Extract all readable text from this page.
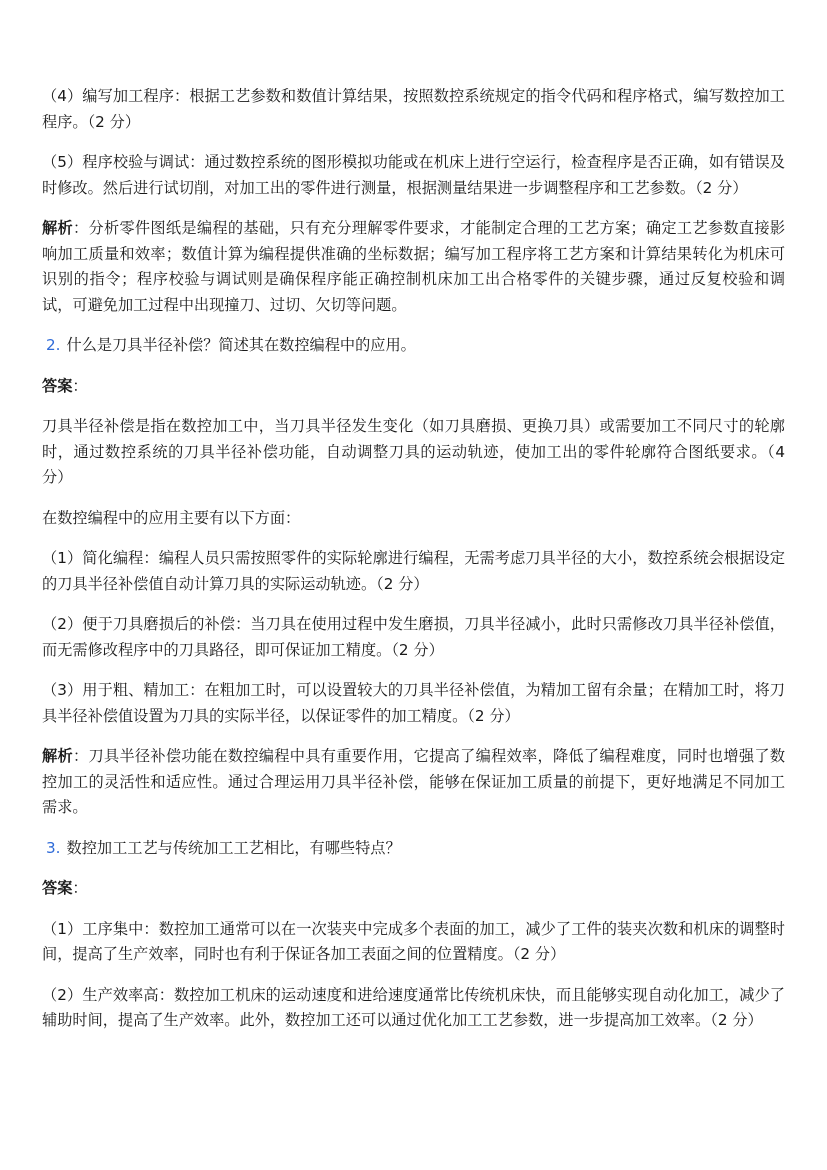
（4）编写加工程序：根据工艺参数和数值计算结果，按照数控系统规定的指令代码和程序格式，编写数控加工程序。（2 分）

（5）程序校验与调试：通过数控系统的图形模拟功能或在机床上进行空运行，检查程序是否正确，如有错误及时修改。然后进行试切削，对加工出的零件进行测量，根据测量结果进一步调整程序和工艺参数。（2 分）

解析：分析零件图纸是编程的基础，只有充分理解零件要求，才能制定合理的工艺方案；确定工艺参数直接影响加工质量和效率；数值计算为编程提供准确的坐标数据；编写加工程序将工艺方案和计算结果转化为机床可识别的指令；程序校验与调试则是确保程序能正确控制机床加工出合格零件的关键步骤，通过反复校验和调试，可避免加工过程中出现撞刀、过切、欠切等问题。

2. 什么是刀具半径补偿？简述其在数控编程中的应用。

答案：

刀具半径补偿是指在数控加工中，当刀具半径发生变化（如刀具磨损、更换刀具）或需要加工不同尺寸的轮廓时，通过数控系统的刀具半径补偿功能，自动调整刀具的运动轨迹，使加工出的零件轮廓符合图纸要求。（4 分）

在数控编程中的应用主要有以下方面：

（1）简化编程：编程人员只需按照零件的实际轮廓进行编程，无需考虑刀具半径的大小，数控系统会根据设定的刀具半径补偿值自动计算刀具的实际运动轨迹。（2 分）

（2）便于刀具磨损后的补偿：当刀具在使用过程中发生磨损，刀具半径减小，此时只需修改刀具半径补偿值，而无需修改程序中的刀具路径，即可保证加工精度。（2 分）

（3）用于粗、精加工：在粗加工时，可以设置较大的刀具半径补偿值，为精加工留有余量；在精加工时，将刀具半径补偿值设置为刀具的实际半径，以保证零件的加工精度。（2 分）

解析：刀具半径补偿功能在数控编程中具有重要作用，它提高了编程效率，降低了编程难度，同时也增强了数控加工的灵活性和适应性。通过合理运用刀具半径补偿，能够在保证加工质量的前提下，更好地满足不同加工需求。

3. 数控加工工艺与传统加工工艺相比，有哪些特点？

答案：

（1）工序集中：数控加工通常可以在一次装夹中完成多个表面的加工，减少了工件的装夹次数和机床的调整时间，提高了生产效率，同时也有利于保证各加工表面之间的位置精度。（2 分）

（2）生产效率高：数控加工机床的运动速度和进给速度通常比传统机床快，而且能够实现自动化加工，减少了辅助时间，提高了生产效率。此外，数控加工还可以通过优化加工工艺参数，进一步提高加工效率。（2 分）
